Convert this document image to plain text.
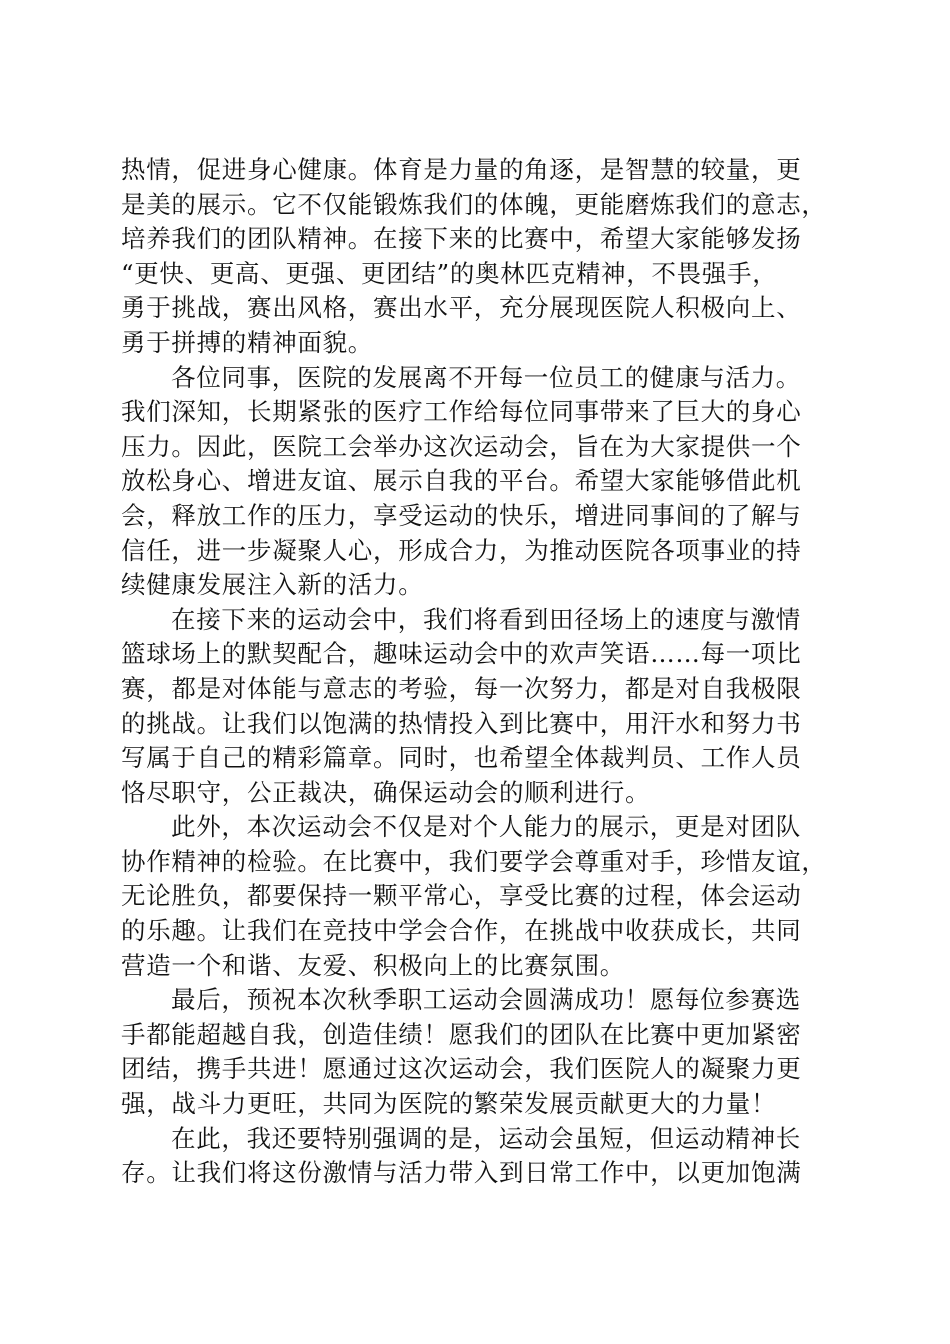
热情，促进身心健康。体育是力量的角逐，是智慧的较量，更
是美的展示。它不仅能锻炼我们的体魄，更能磨炼我们的意志，
培养我们的团队精神。在接下来的比赛中，希望大家能够发扬
“更快、更高、更强、更团结”的奥林匹克精神，不畏强手，
勇于挑战，赛出风格，赛出水平，充分展现医院人积极向上、
勇于拼搏的精神面貌。
各位同事，医院的发展离不开每一位员工的健康与活力。
我们深知，长期紧张的医疗工作给每位同事带来了巨大的身心
压力。因此，医院工会举办这次运动会，旨在为大家提供一个
放松身心、增进友谊、展示自我的平台。希望大家能够借此机
会，释放工作的压力，享受运动的快乐，增进同事间的了解与
信任，进一步凝聚人心，形成合力，为推动医院各项事业的持
续健康发展注入新的活力。
在接下来的运动会中，我们将看到田径场上的速度与激情
篮球场上的默契配合，趣味运动会中的欢声笑语……每一项比
赛，都是对体能与意志的考验，每一次努力，都是对自我极限
的挑战。让我们以饱满的热情投入到比赛中，用汗水和努力书
写属于自己的精彩篇章。同时，也希望全体裁判员、工作人员
恪尽职守，公正裁决，确保运动会的顺利进行。
此外，本次运动会不仅是对个人能力的展示，更是对团队
协作精神的检验。在比赛中，我们要学会尊重对手，珍惜友谊，
无论胜负，都要保持一颗平常心，享受比赛的过程，体会运动
的乐趣。让我们在竞技中学会合作，在挑战中收获成长，共同
营造一个和谐、友爱、积极向上的比赛氛围。
最后，预祝本次秋季职工运动会圆满成功！愿每位参赛选
手都能超越自我，创造佳绩！愿我们的团队在比赛中更加紧密
团结，携手共进！愿通过这次运动会，我们医院人的凝聚力更
强，战斗力更旺，共同为医院的繁荣发展贡献更大的力量！
在此，我还要特别强调的是，运动会虽短，但运动精神长
存。让我们将这份激情与活力带入到日常工作中，以更加饱满
